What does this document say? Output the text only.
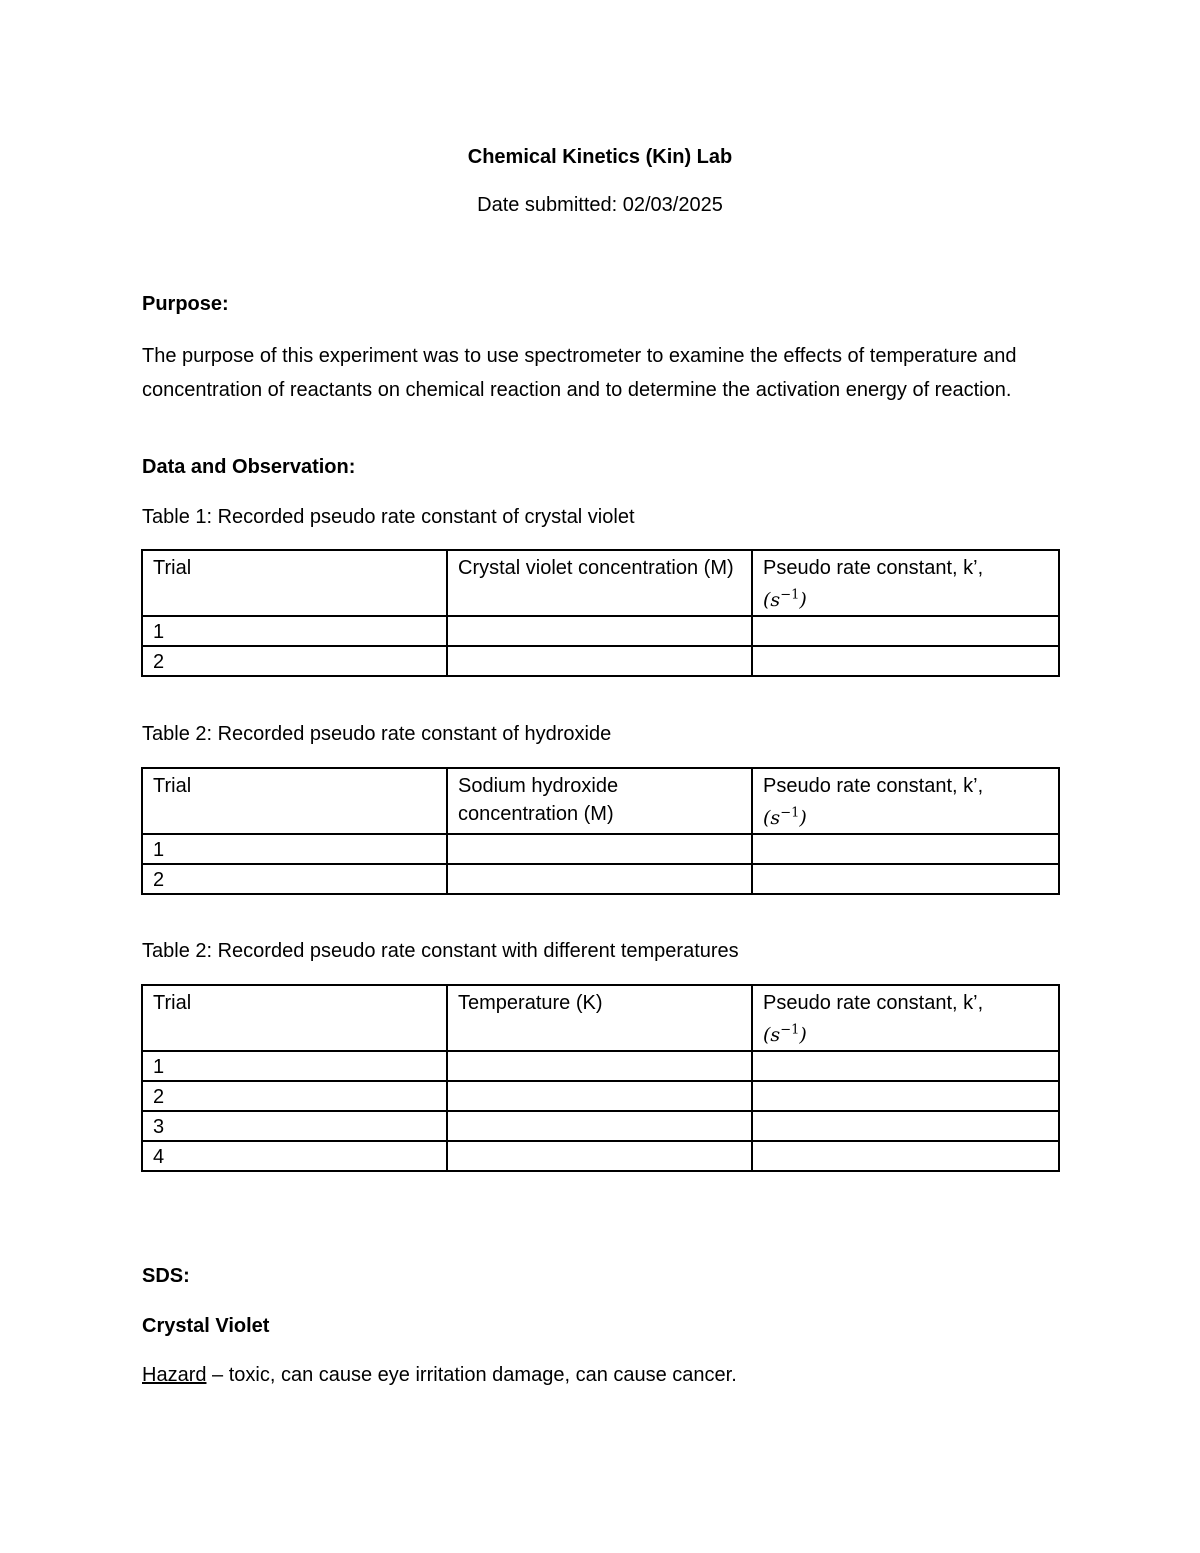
Chemical Kinetics (Kin) Lab

Date submitted: 02/03/2025

Purpose:

The purpose of this experiment was to use spectrometer to examine the effects of temperature and concentration of reactants on chemical reaction and to determine the activation energy of reaction.

Data and Observation:

Table 1: Recorded pseudo rate constant of crystal violet

Trial	Crystal violet concentration (M)	Pseudo rate constant, k’,
$(s^{-1})$
1		
2		

Table 2: Recorded pseudo rate constant of hydroxide

Trial	Sodium hydroxide concentration (M)	Pseudo rate constant, k’,
$(s^{-1})$
1		
2		

Table 2: Recorded pseudo rate constant with different temperatures

Trial	Temperature (K)	Pseudo rate constant, k’,
$(s^{-1})$
1		
2		
3		
4		

SDS:

Crystal Violet

Hazard – toxic, can cause eye irritation damage, can cause cancer.
